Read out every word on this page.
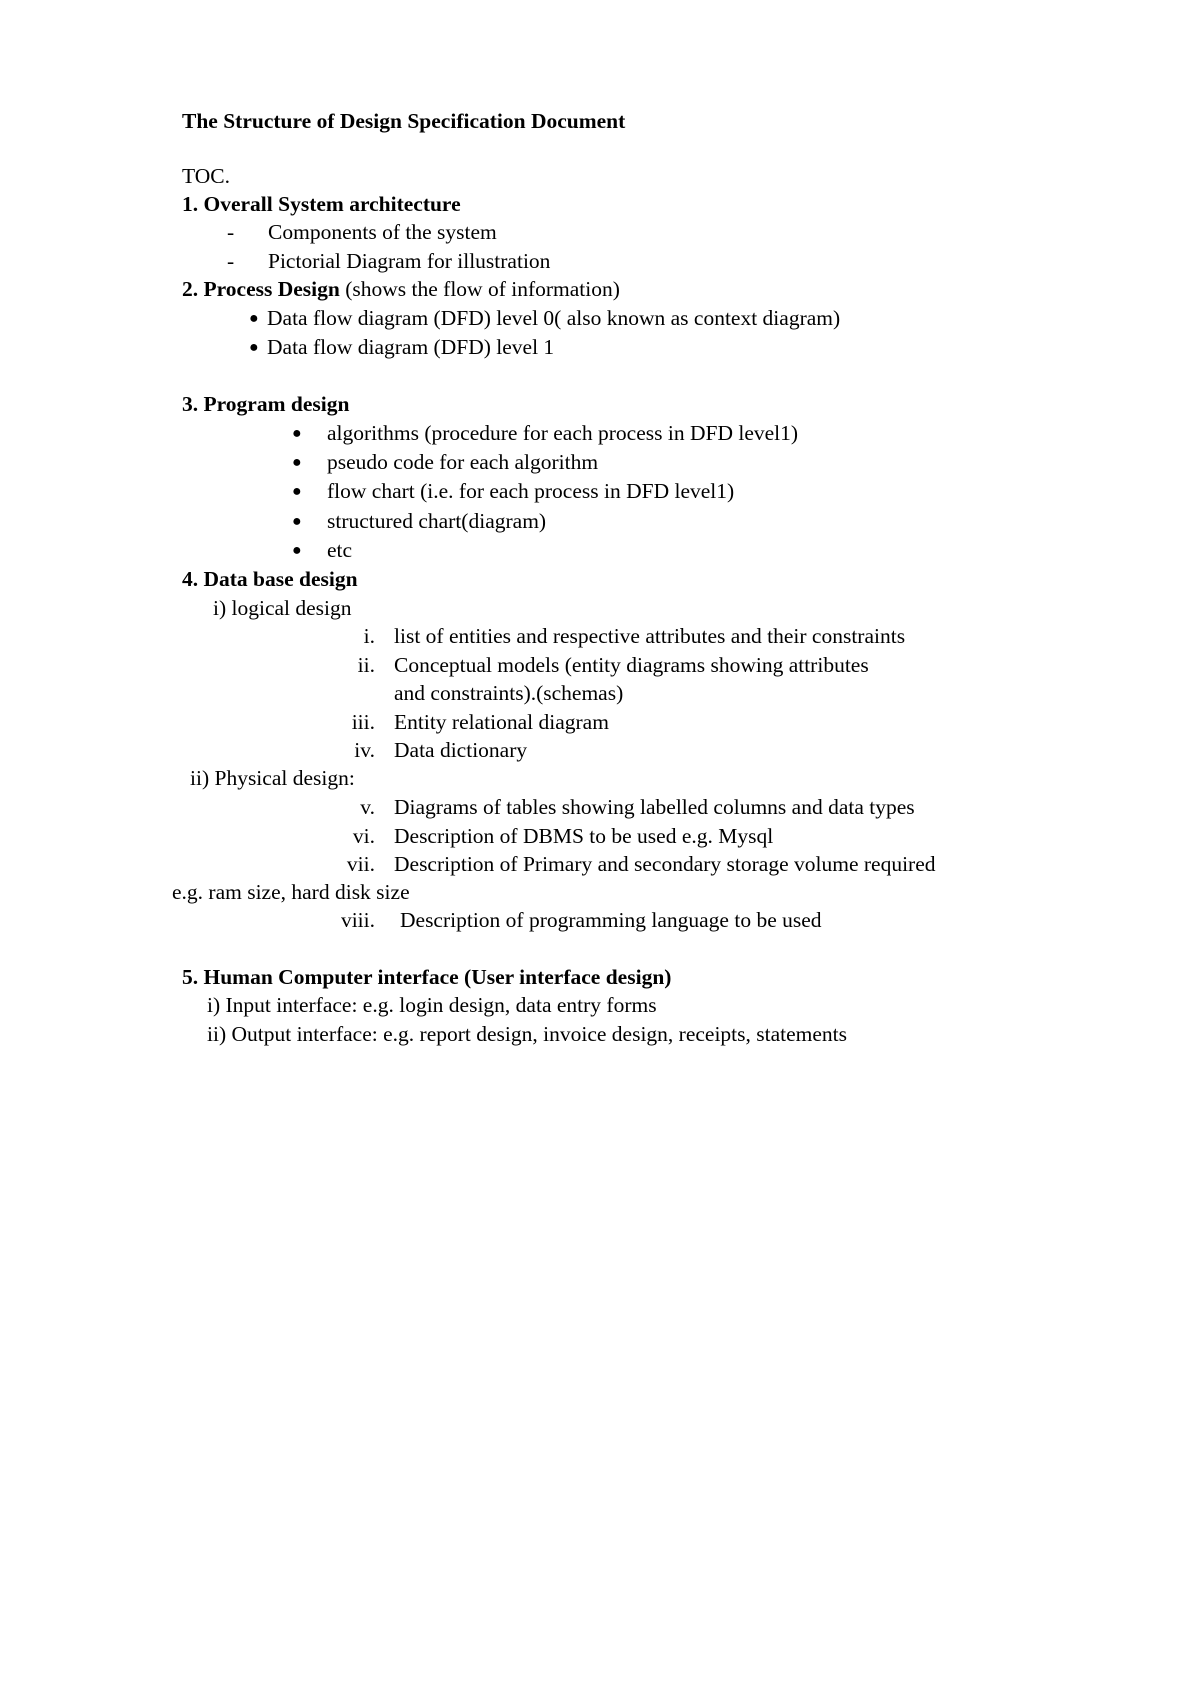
The Structure of Design Specification Document
TOC.
1. Overall System architecture
- Components of the system
- Pictorial Diagram for illustration
2. Process Design (shows the flow of information)
● Data flow diagram (DFD) level 0( also known as context diagram)
● Data flow diagram (DFD) level 1
3. Program design
● algorithms (procedure for each process in DFD level1)
● pseudo code for each algorithm
● flow chart (i.e. for each process in DFD level1)
● structured chart(diagram)
● etc
4. Data base design
i) logical design
i. list of entities and respective attributes and their constraints
ii. Conceptual models (entity diagrams showing attributes
and constraints).(schemas)
iii. Entity relational diagram
iv. Data dictionary
ii) Physical design:
v. Diagrams of tables showing labelled columns and data types
vi. Description of DBMS to be used e.g. Mysql
vii. Description of Primary and secondary storage volume required
e.g. ram size, hard disk size
viii. Description of programming language to be used
5. Human Computer interface (User interface design)
i) Input interface: e.g. login design, data entry forms
ii) Output interface: e.g. report design, invoice design, receipts, statements
